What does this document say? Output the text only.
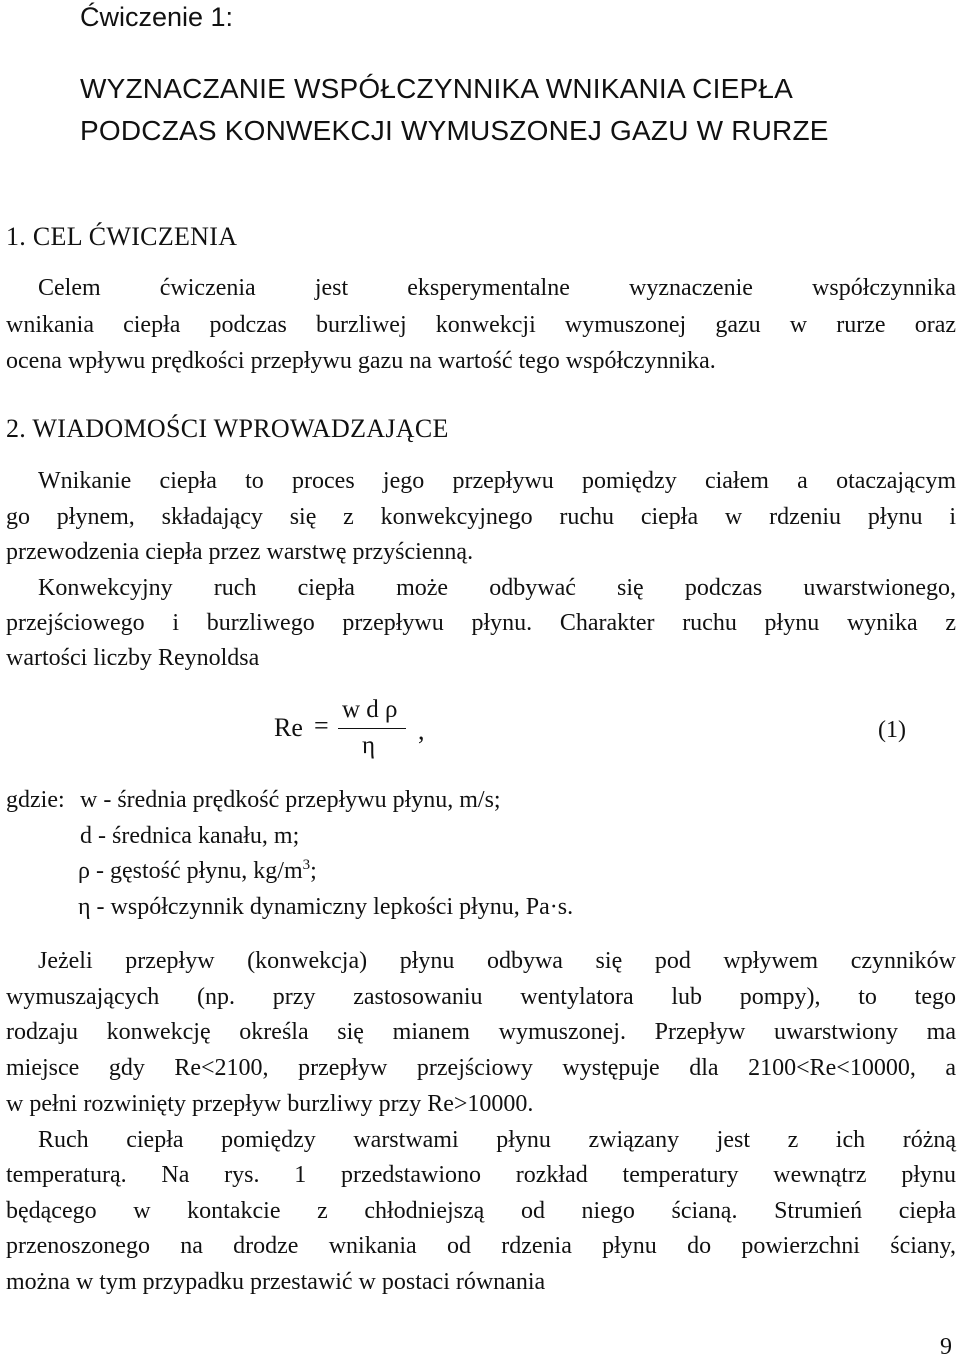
Ćwiczenie 1:

WYZNACZANIE WSPÓŁCZYNNIKA WNIKANIA CIEPŁA

PODCZAS KONWEKCJI WYMUSZONEJ GAZU W RURZE

1. CEL ĆWICZENIA

Celem ćwiczenia jest eksperymentalne wyznaczenie współczynnika

wnikania ciepła podczas burzliwej konwekcji wymuszonej gazu w rurze oraz

ocena wpływu prędkości przepływu gazu na wartość tego współczynnika.

2. WIADOMOŚCI WPROWADZAJĄCE

Wnikanie ciepła to proces jego przepływu pomiędzy ciałem a otaczającym

go płynem, składający się z konwekcyjnego ruchu ciepła w rdzeniu płynu i

przewodzenia ciepła przez warstwę przyścienną.

Konwekcyjny ruch ciepła może odbywać się podczas uwarstwionego,

przejściowego i burzliwego przepływu płynu. Charakter ruchu płynu wynika z

wartości liczby Reynoldsa

Re =
w d ρ
η
,	(1)

gdzie: w - średnia prędkość przepływu płynu, m/s;

d - średnica kanału, m;

ρ - gęstość płynu, $kg/m^3$;

η - współczynnik dynamiczny lepkości płynu, Pa·s.

Jeżeli przepływ (konwekcja) płynu odbywa się pod wpływem czynników

wymuszających (np. przy zastosowaniu wentylatora lub pompy), to tego

rodzaju konwekcję określa się mianem wymuszonej. Przepływ uwarstwiony ma

miejsce gdy Re<2100, przepływ przejściowy występuje dla 2100<Re<10000, a

w pełni rozwinięty przepływ burzliwy przy Re>10000.

Ruch ciepła pomiędzy warstwami płynu związany jest z ich różną

temperaturą. Na rys. 1 przedstawiono rozkład temperatury wewnątrz płynu

będącego w kontakcie z chłodniejszą od niego ścianą. Strumień ciepła

przenoszonego na drodze wnikania od rdzenia płynu do powierzchni ściany,

można w tym przypadku przestawić w postaci równania

9
